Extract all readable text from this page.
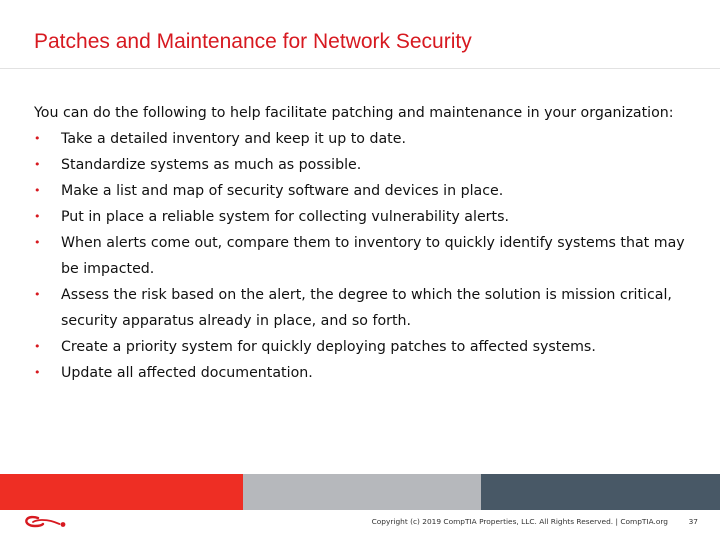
Patches and Maintenance for Network Security

You can do the following to help facilitate patching and maintenance in your organization:

• Take a detailed inventory and keep it up to date.
• Standardize systems as much as possible.
• Make a list and map of security software and devices in place.
• Put in place a reliable system for collecting vulnerability alerts.
• When alerts come out, compare them to inventory to quickly identify systems that may be impacted.
• Assess the risk based on the alert, the degree to which the solution is mission critical, security apparatus already in place, and so forth.
• Create a priority system for quickly deploying patches to affected systems.
• Update all affected documentation.
Copyright (c) 2019 CompTIA Properties, LLC. All Rights Reserved. | CompTIA.org	37
